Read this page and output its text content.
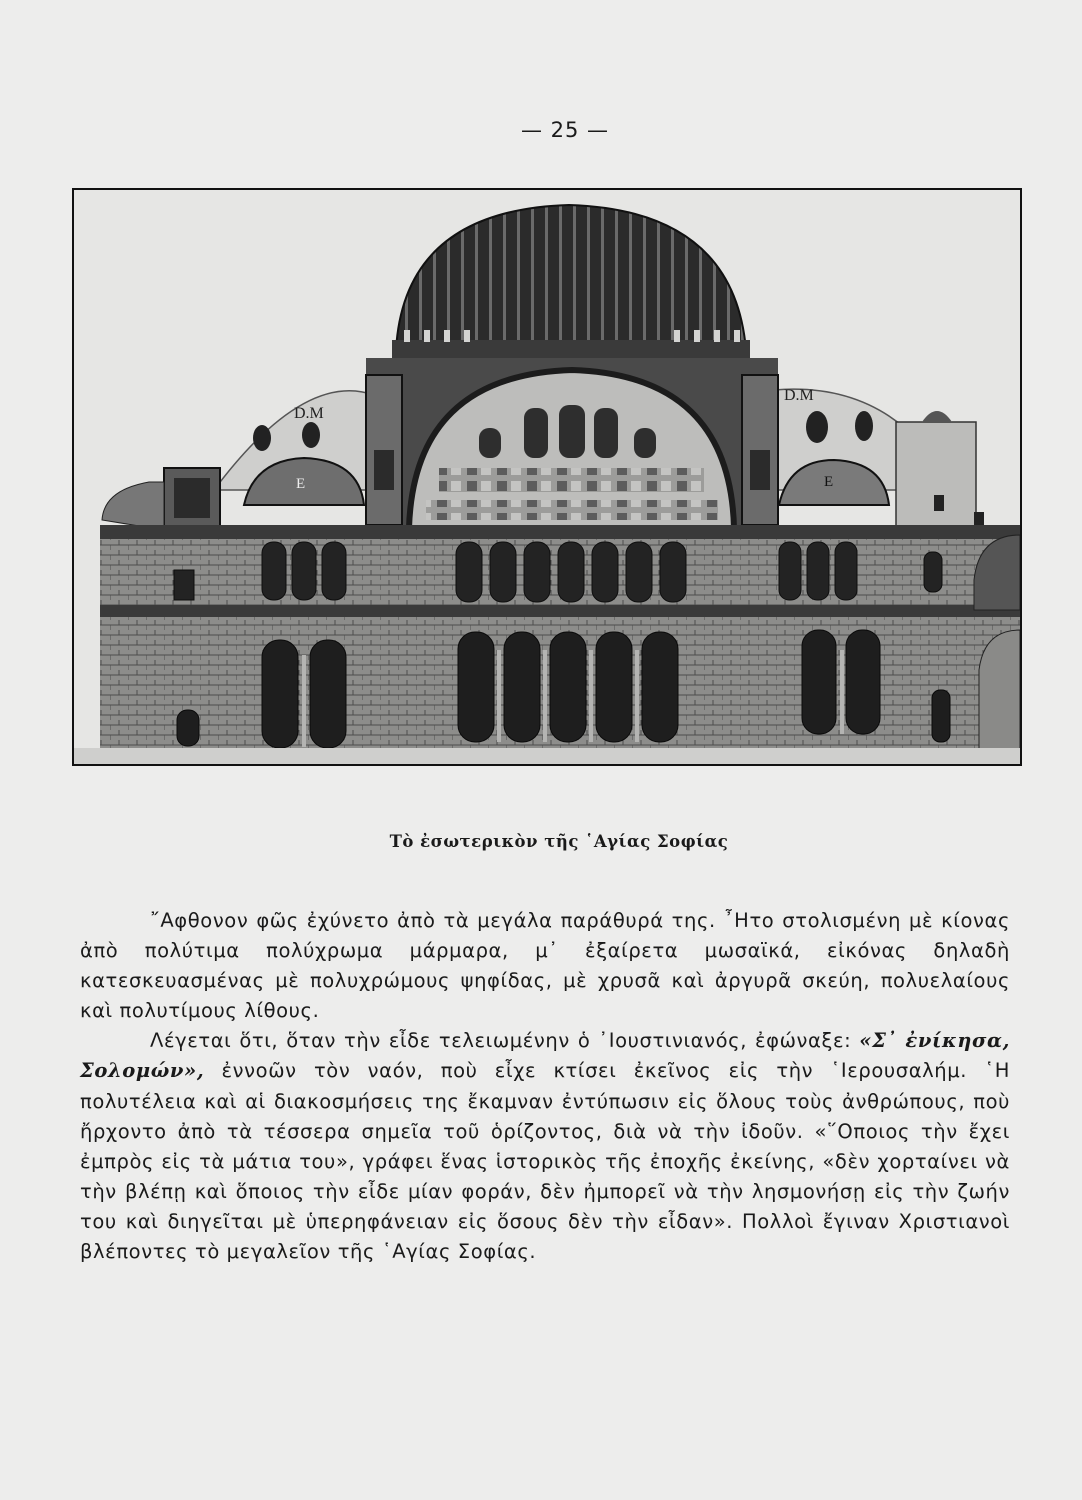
— 25 —
D.M
D.M
E	E
Τὸ ἐσωτερικὸν τῆς ῾Αγίας Σοφίας

῎Αφθονον φῶς ἐχύνετο ἀπὸ τὰ μεγάλα παράθυρά της. ῏Ητο στολισμένη μὲ κίονας ἀπὸ πολύτιμα πολύχρωμα μάρμαρα, μ᾽ ἐξαίρετα μωσαϊκά, εἰκόνας δηλαδὴ κατεσκευασμένας μὲ πολυχρώμους ψηφίδας, μὲ χρυσᾶ καὶ ἀργυρᾶ σκεύη, πολυελαίους καὶ πολυτίμους λίθους.

Λέγεται ὅτι, ὅταν τὴν εἶδε τελειωμένην ὁ ᾿Ιουστινιανός, ἐφώναξε: «Σ᾽ ἐνίκησα, Σολομών», ἐννοῶν τὸν ναόν, ποὺ εἶχε κτίσει ἐκεῖνος εἰς τὴν ῾Ιερουσαλήμ. ῾Η πολυτέλεια καὶ αἱ διακοσμήσεις της ἔκαμναν ἐντύπωσιν εἰς ὅλους τοὺς ἀνθρώπους, ποὺ ἤρχοντο ἀπὸ τὰ τέσσερα σημεῖα τοῦ ὁρίζοντος, διὰ νὰ τὴν ἰδοῦν. «῞Οποιος τὴν ἔχει ἐμπρὸς εἰς τὰ μάτια του», γράφει ἕνας ἱστορικὸς τῆς ἐποχῆς ἐκείνης, «δὲν χορταίνει νὰ τὴν βλέπῃ καὶ ὅποιος τὴν εἶδε μίαν φοράν, δὲν ἠμπορεῖ νὰ τὴν λησμονήσῃ εἰς τὴν ζωήν του καὶ διηγεῖται μὲ ὑπερηφάνειαν εἰς ὅσους δὲν τὴν εἶδαν». Πολλοὶ ἔγιναν Χριστιανοὶ βλέποντες τὸ μεγαλεῖον τῆς ῾Αγίας Σοφίας.
